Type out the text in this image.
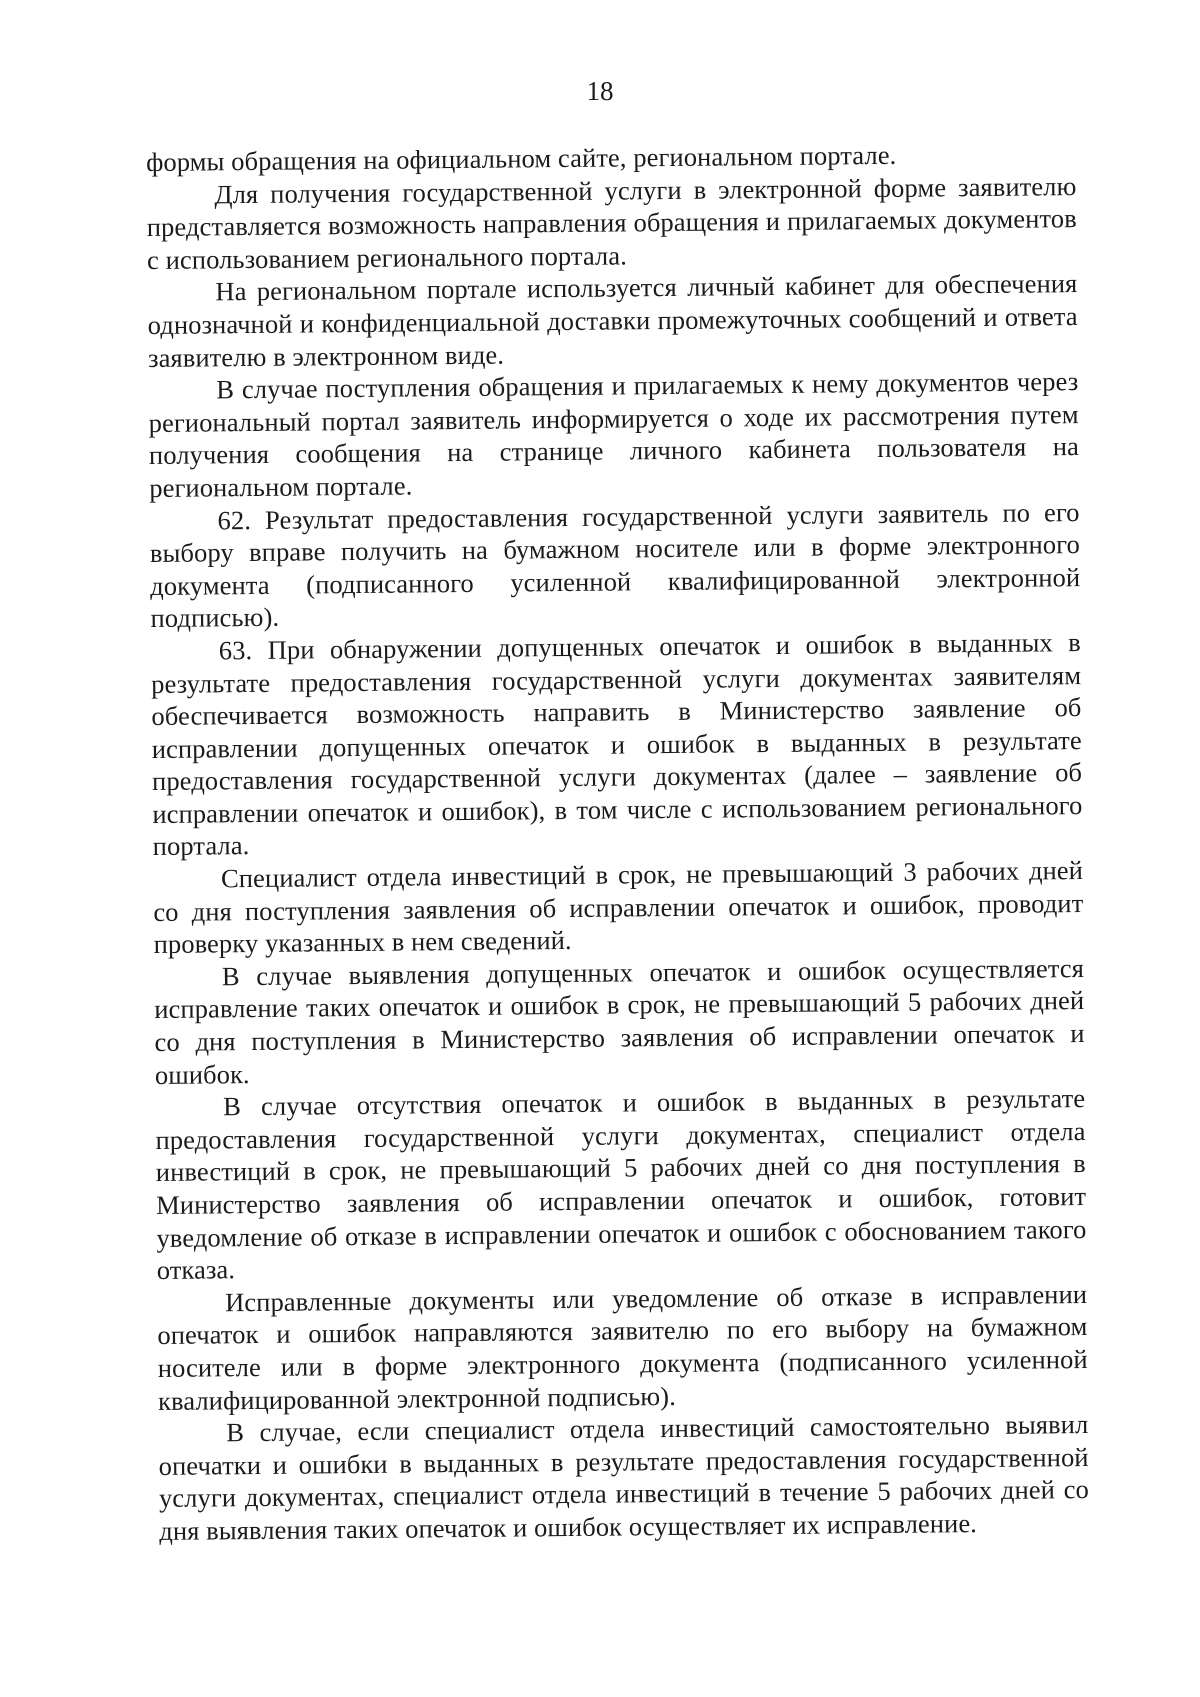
18

формы обращения на официальном сайте, региональном портале.

Для получения государственной услуги в электронной форме заявителю представляется возможность направления обращения и прилагаемых документов с использованием регионального портала.

На региональном портале используется личный кабинет для обеспечения однозначной и конфиденциальной доставки промежуточных сообщений и ответа заявителю в электронном виде.

В случае поступления обращения и прилагаемых к нему документов через региональный портал заявитель информируется о ходе их рассмотрения путем получения сообщения на странице личного кабинета пользователя на региональном портале.

62. Результат предоставления государственной услуги заявитель по его выбору вправе получить на бумажном носителе или в форме электронного документа (подписанного усиленной квалифицированной электронной подписью).

63. При обнаружении допущенных опечаток и ошибок в выданных в результате предоставления государственной услуги документах заявителям обеспечивается возможность направить в Министерство заявление об исправлении допущенных опечаток и ошибок в выданных в результате предоставления государственной услуги документах (далее – заявление об исправлении опечаток и ошибок), в том числе с использованием регионального портала.

Специалист отдела инвестиций в срок, не превышающий 3 рабочих дней со дня поступления заявления об исправлении опечаток и ошибок, проводит проверку указанных в нем сведений.

В случае выявления допущенных опечаток и ошибок осуществляется исправление таких опечаток и ошибок в срок, не превышающий 5 рабочих дней со дня поступления в Министерство заявления об исправлении опечаток и ошибок.

В случае отсутствия опечаток и ошибок в выданных в результате предоставления государственной услуги документах, специалист отдела инвестиций в срок, не превышающий 5 рабочих дней со дня поступления в Министерство заявления об исправлении опечаток и ошибок, готовит уведомление об отказе в исправлении опечаток и ошибок с обоснованием такого отказа.

Исправленные документы или уведомление об отказе в исправлении опечаток и ошибок направляются заявителю по его выбору на бумажном носителе или в форме электронного документа (подписанного усиленной квалифицированной электронной подписью).

В случае, если специалист отдела инвестиций самостоятельно выявил опечатки и ошибки в выданных в результате предоставления государственной услуги документах, специалист отдела инвестиций в течение 5 рабочих дней со дня выявления таких опечаток и ошибок осуществляет их исправление.
